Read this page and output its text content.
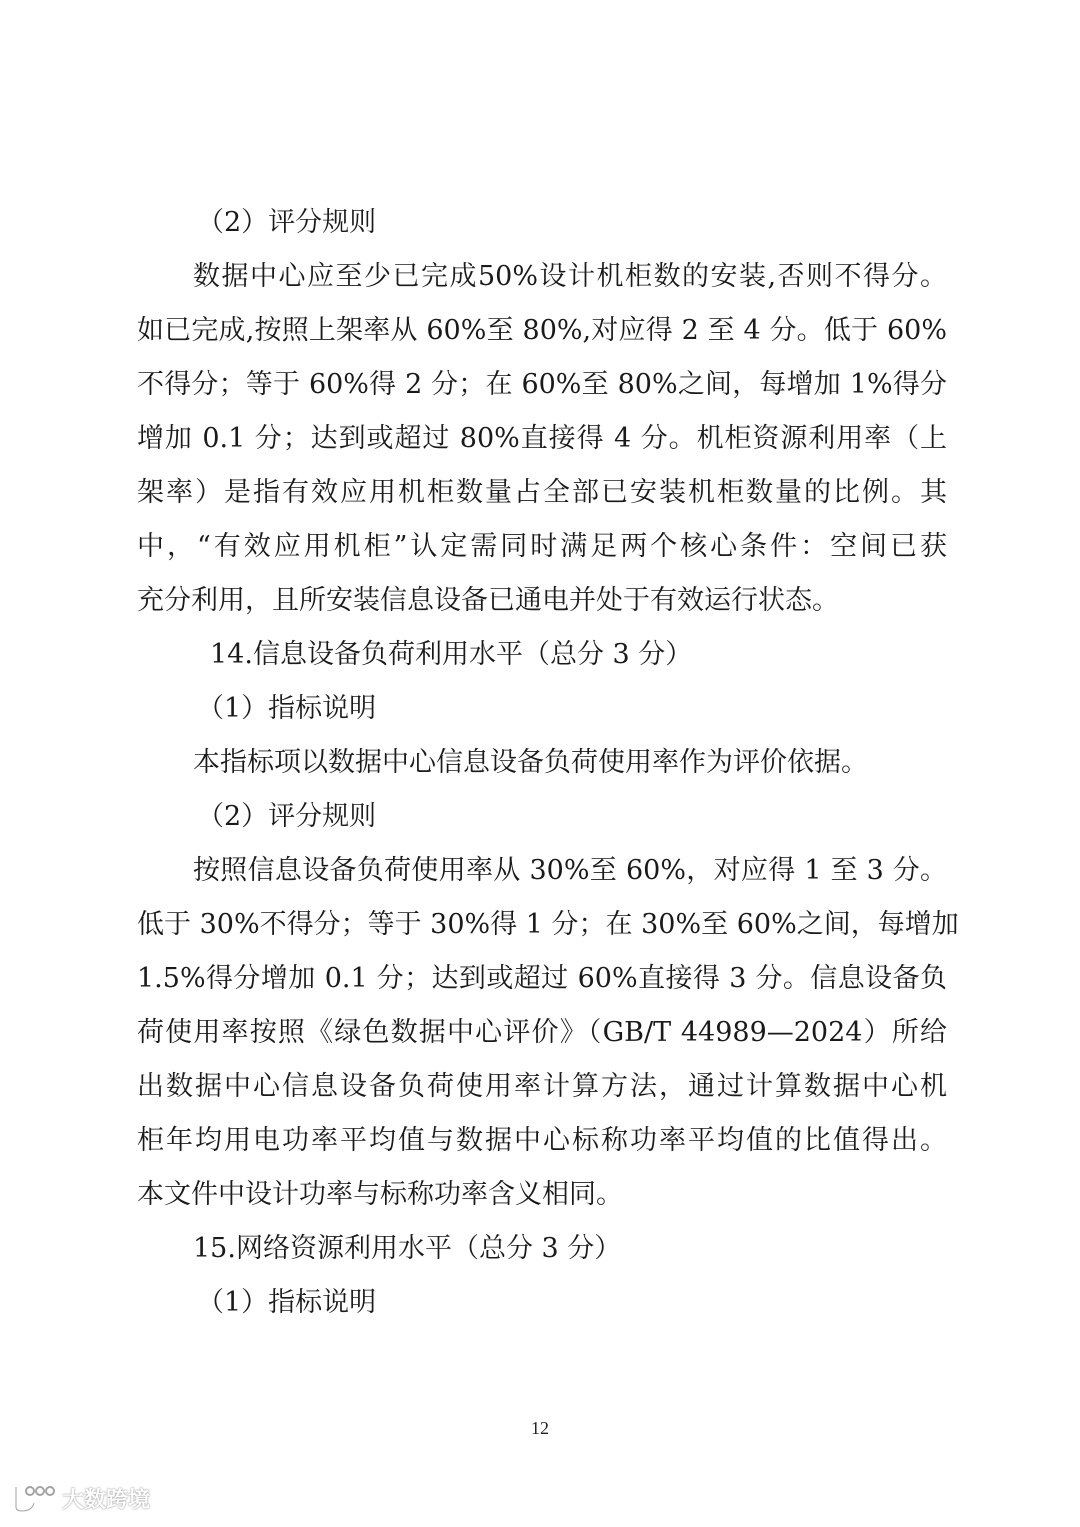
（2）评分规则
数据中心应至少已完成50%设计机柜数的安装,否则不得分。
如已完成,按照上架率从 60%至 80%,对应得 2 至 4 分。低于 60%
不得分；等于 60%得 2 分；在 60%至 80%之间，每增加 1%得分
增加 0.1 分；达到或超过 80%直接得 4 分。机柜资源利用率（上
架率）是指有效应用机柜数量占全部已安装机柜数量的比例。其
中，“有效应用机柜”认定需同时满足两个核心条件：空间已获
充分利用，且所安装信息设备已通电并处于有效运行状态。
14.信息设备负荷利用水平（总分 3 分）
（1）指标说明
本指标项以数据中心信息设备负荷使用率作为评价依据。
（2）评分规则
按照信息设备负荷使用率从 30%至 60%，对应得 1 至 3 分。
低于 30%不得分；等于 30%得 1 分；在 30%至 60%之间，每增加
1.5%得分增加 0.1 分；达到或超过 60%直接得 3 分。信息设备负
荷使用率按照《绿色数据中心评价》（GB/T 44989—2024）所给
出数据中心信息设备负荷使用率计算方法，通过计算数据中心机
柜年均用电功率平均值与数据中心标称功率平均值的比值得出。
本文件中设计功率与标称功率含义相同。
15.网络资源利用水平（总分 3 分）
（1）指标说明
12
大数跨境
